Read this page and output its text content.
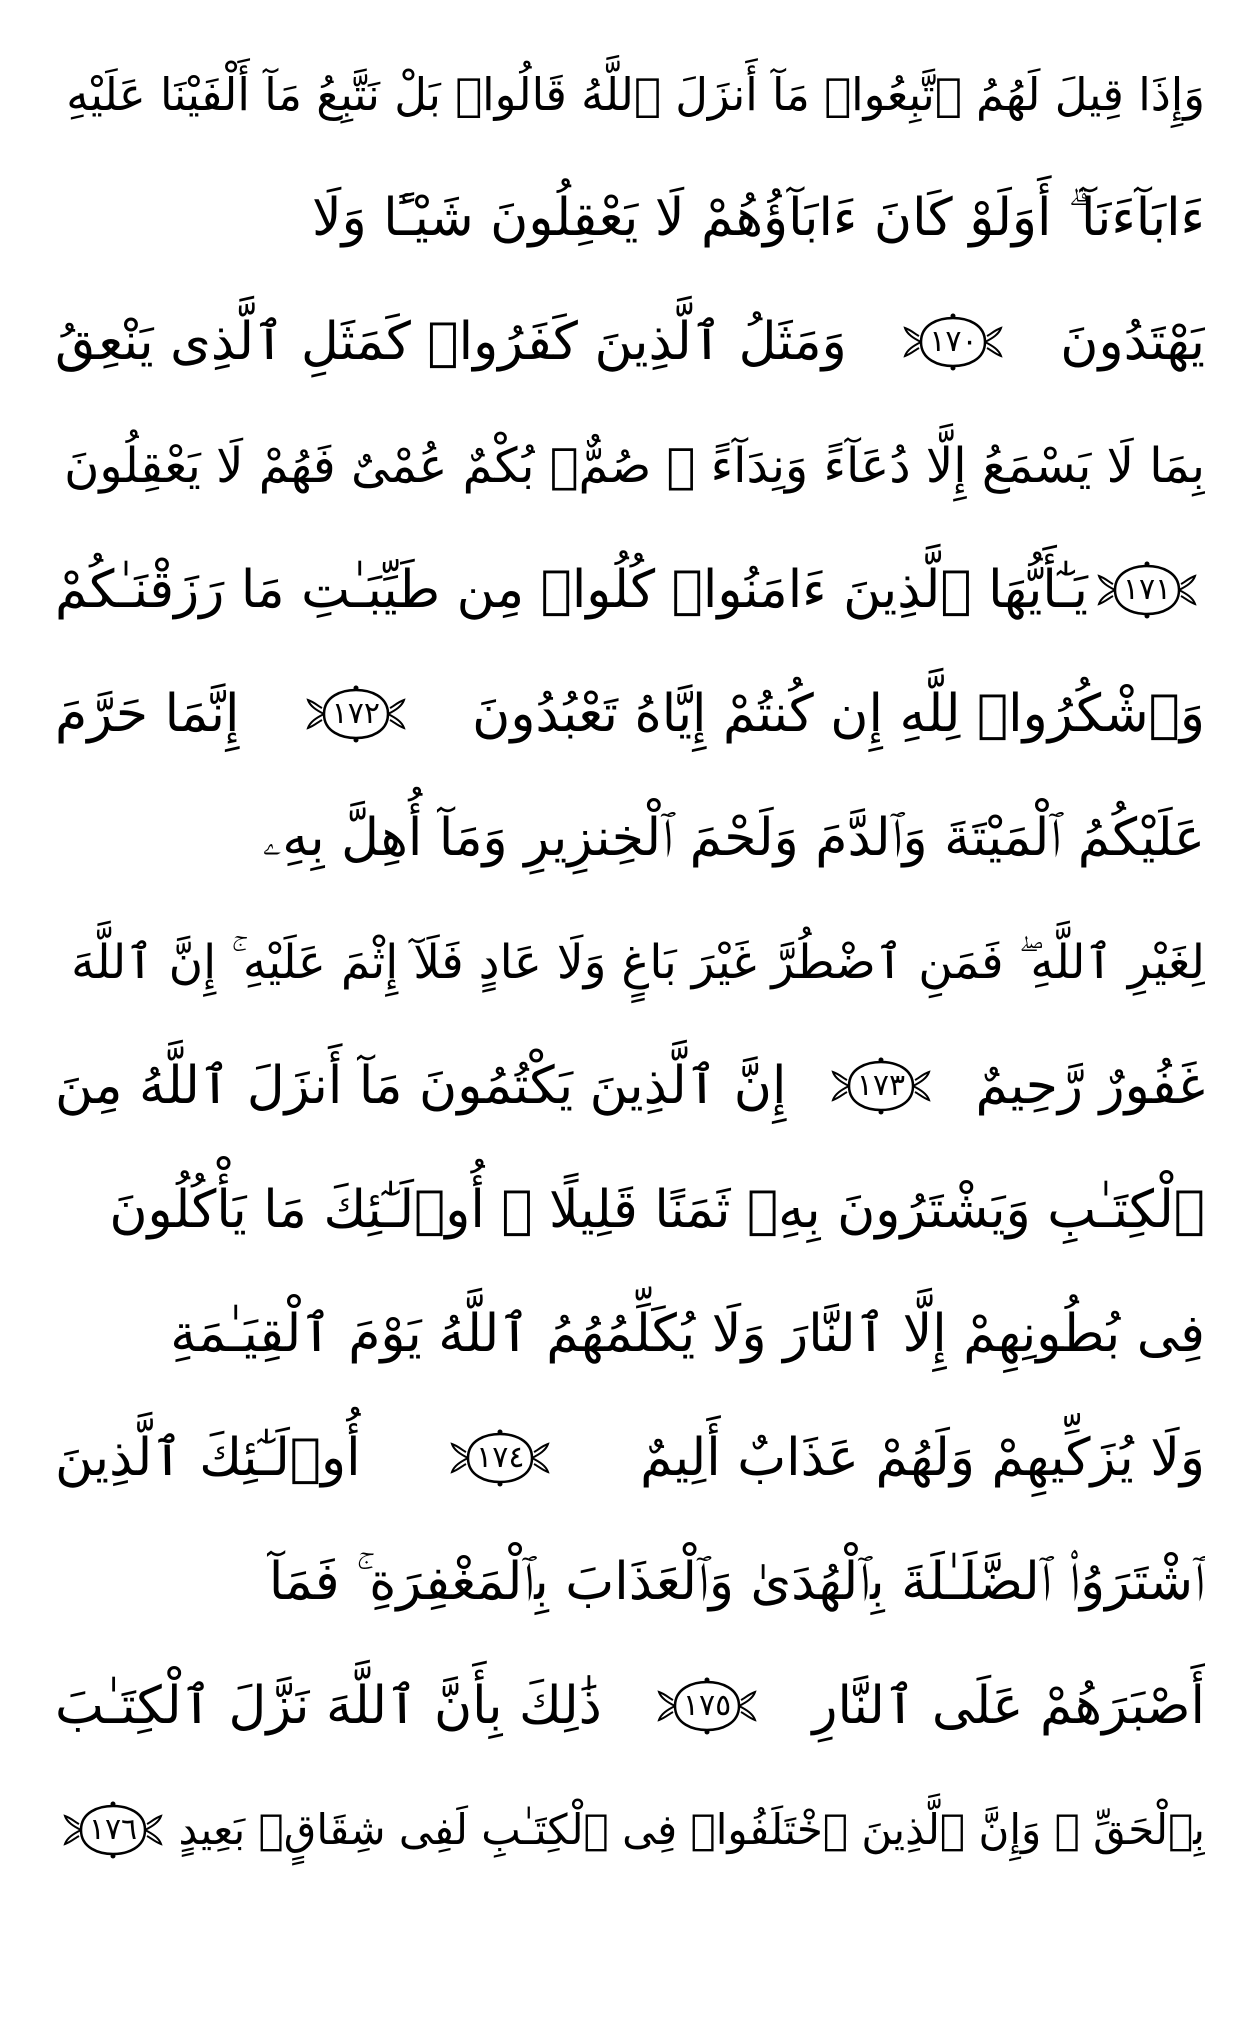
وَإِذَا قِيلَ لَهُمُ ٱتَّبِعُوا۟ مَآ أَنزَلَ ٱللَّهُ قَالُوا۟ بَلْ نَتَّبِعُ مَآ أَلْفَيْنَا عَلَيْهِ
ءَابَآءَنَآ ۗ أَوَلَوْ كَانَ ءَابَآؤُهُمْ لَا يَعْقِلُونَ شَيْـًٔا وَلَا
يَهْتَدُونَ
١٧٠
وَمَثَلُ ٱلَّذِينَ كَفَرُوا۟ كَمَثَلِ ٱلَّذِى يَنْعِقُ
بِمَا لَا يَسْمَعُ إِلَّا دُعَآءً وَنِدَآءً ۚ صُمٌّۢ بُكْمٌ عُمْىٌ فَهُمْ لَا يَعْقِلُونَ
١٧١
يَـٰٓأَيُّهَا ٱلَّذِينَ ءَامَنُوا۟ كُلُوا۟ مِن طَيِّبَـٰتِ مَا رَزَقْنَـٰكُمْ
وَٱشْكُرُوا۟ لِلَّهِ إِن كُنتُمْ إِيَّاهُ تَعْبُدُونَ
١٧٢
إِنَّمَا حَرَّمَ
عَلَيْكُمُ ٱلْمَيْتَةَ وَٱلدَّمَ وَلَحْمَ ٱلْخِنزِيرِ وَمَآ أُهِلَّ بِهِۦ
لِغَيْرِ ٱللَّهِ ۖ فَمَنِ ٱضْطُرَّ غَيْرَ بَاغٍ وَلَا عَادٍ فَلَآ إِثْمَ عَلَيْهِ ۚ إِنَّ ٱللَّهَ
غَفُورٌ رَّحِيمٌ
١٧٣
إِنَّ ٱلَّذِينَ يَكْتُمُونَ مَآ أَنزَلَ ٱللَّهُ مِنَ
ٱلْكِتَـٰبِ وَيَشْتَرُونَ بِهِۦ ثَمَنًا قَلِيلًا ۙ أُو۟لَـٰٓئِكَ مَا يَأْكُلُونَ
فِى بُطُونِهِمْ إِلَّا ٱلنَّارَ وَلَا يُكَلِّمُهُمُ ٱللَّهُ يَوْمَ ٱلْقِيَـٰمَةِ
وَلَا يُزَكِّيهِمْ وَلَهُمْ عَذَابٌ أَلِيمٌ
١٧٤
أُو۟لَـٰٓئِكَ ٱلَّذِينَ
ٱشْتَرَوُا۟ ٱلضَّلَـٰلَةَ بِٱلْهُدَىٰ وَٱلْعَذَابَ بِٱلْمَغْفِرَةِ ۚ فَمَآ
أَصْبَرَهُمْ عَلَى ٱلنَّارِ
١٧٥
ذَٰلِكَ بِأَنَّ ٱللَّهَ نَزَّلَ ٱلْكِتَـٰبَ
بِٱلْحَقِّ ۗ وَإِنَّ ٱلَّذِينَ ٱخْتَلَفُوا۟ فِى ٱلْكِتَـٰبِ لَفِى شِقَاقٍۭ بَعِيدٍ
١٧٦
